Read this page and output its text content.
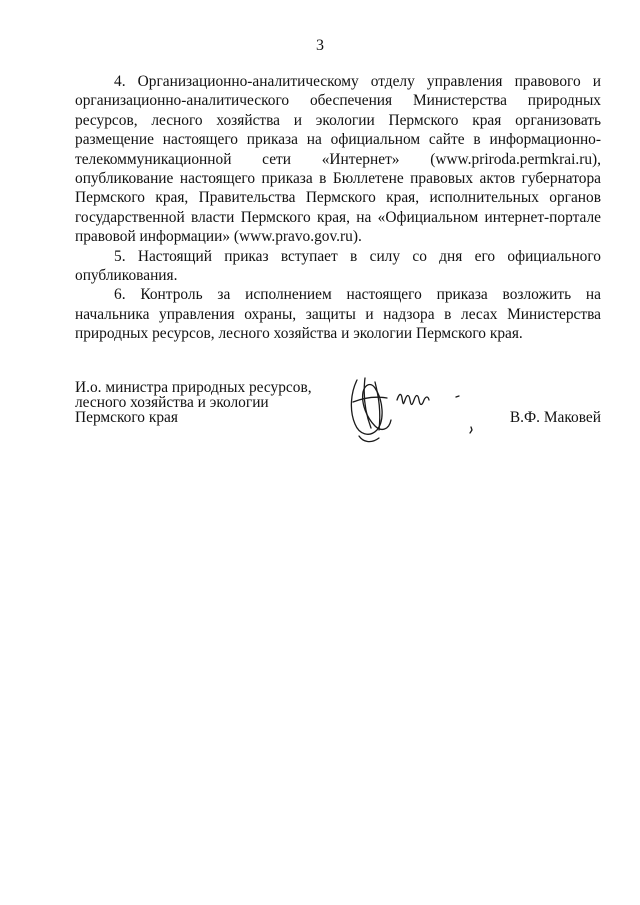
3

4. Организационно-аналитическому отделу управления правового и организационно-аналитического обеспечения Министерства природных ресурсов, лесного хозяйства и экологии Пермского края организовать размещение настоящего приказа на официальном сайте в информационно-телекоммуникационной сети «Интернет» (www.priroda.permkrai.ru), опубликование настоящего приказа в Бюллетене правовых актов губернатора Пермского края, Правительства Пермского края, исполнительных органов государственной власти Пермского края, на «Официальном интернет-портале правовой информации» (www.pravo.gov.ru).

5. Настоящий приказ вступает в силу со дня его официального опубликования.

6. Контроль за исполнением настоящего приказа возложить на начальника управления охраны, защиты и надзора в лесах Министерства природных ресурсов, лесного хозяйства и экологии Пермского края.

И.о. министра природных ресурсов,
лесного хозяйства и экологии
Пермского края	В.Ф. Маковей
